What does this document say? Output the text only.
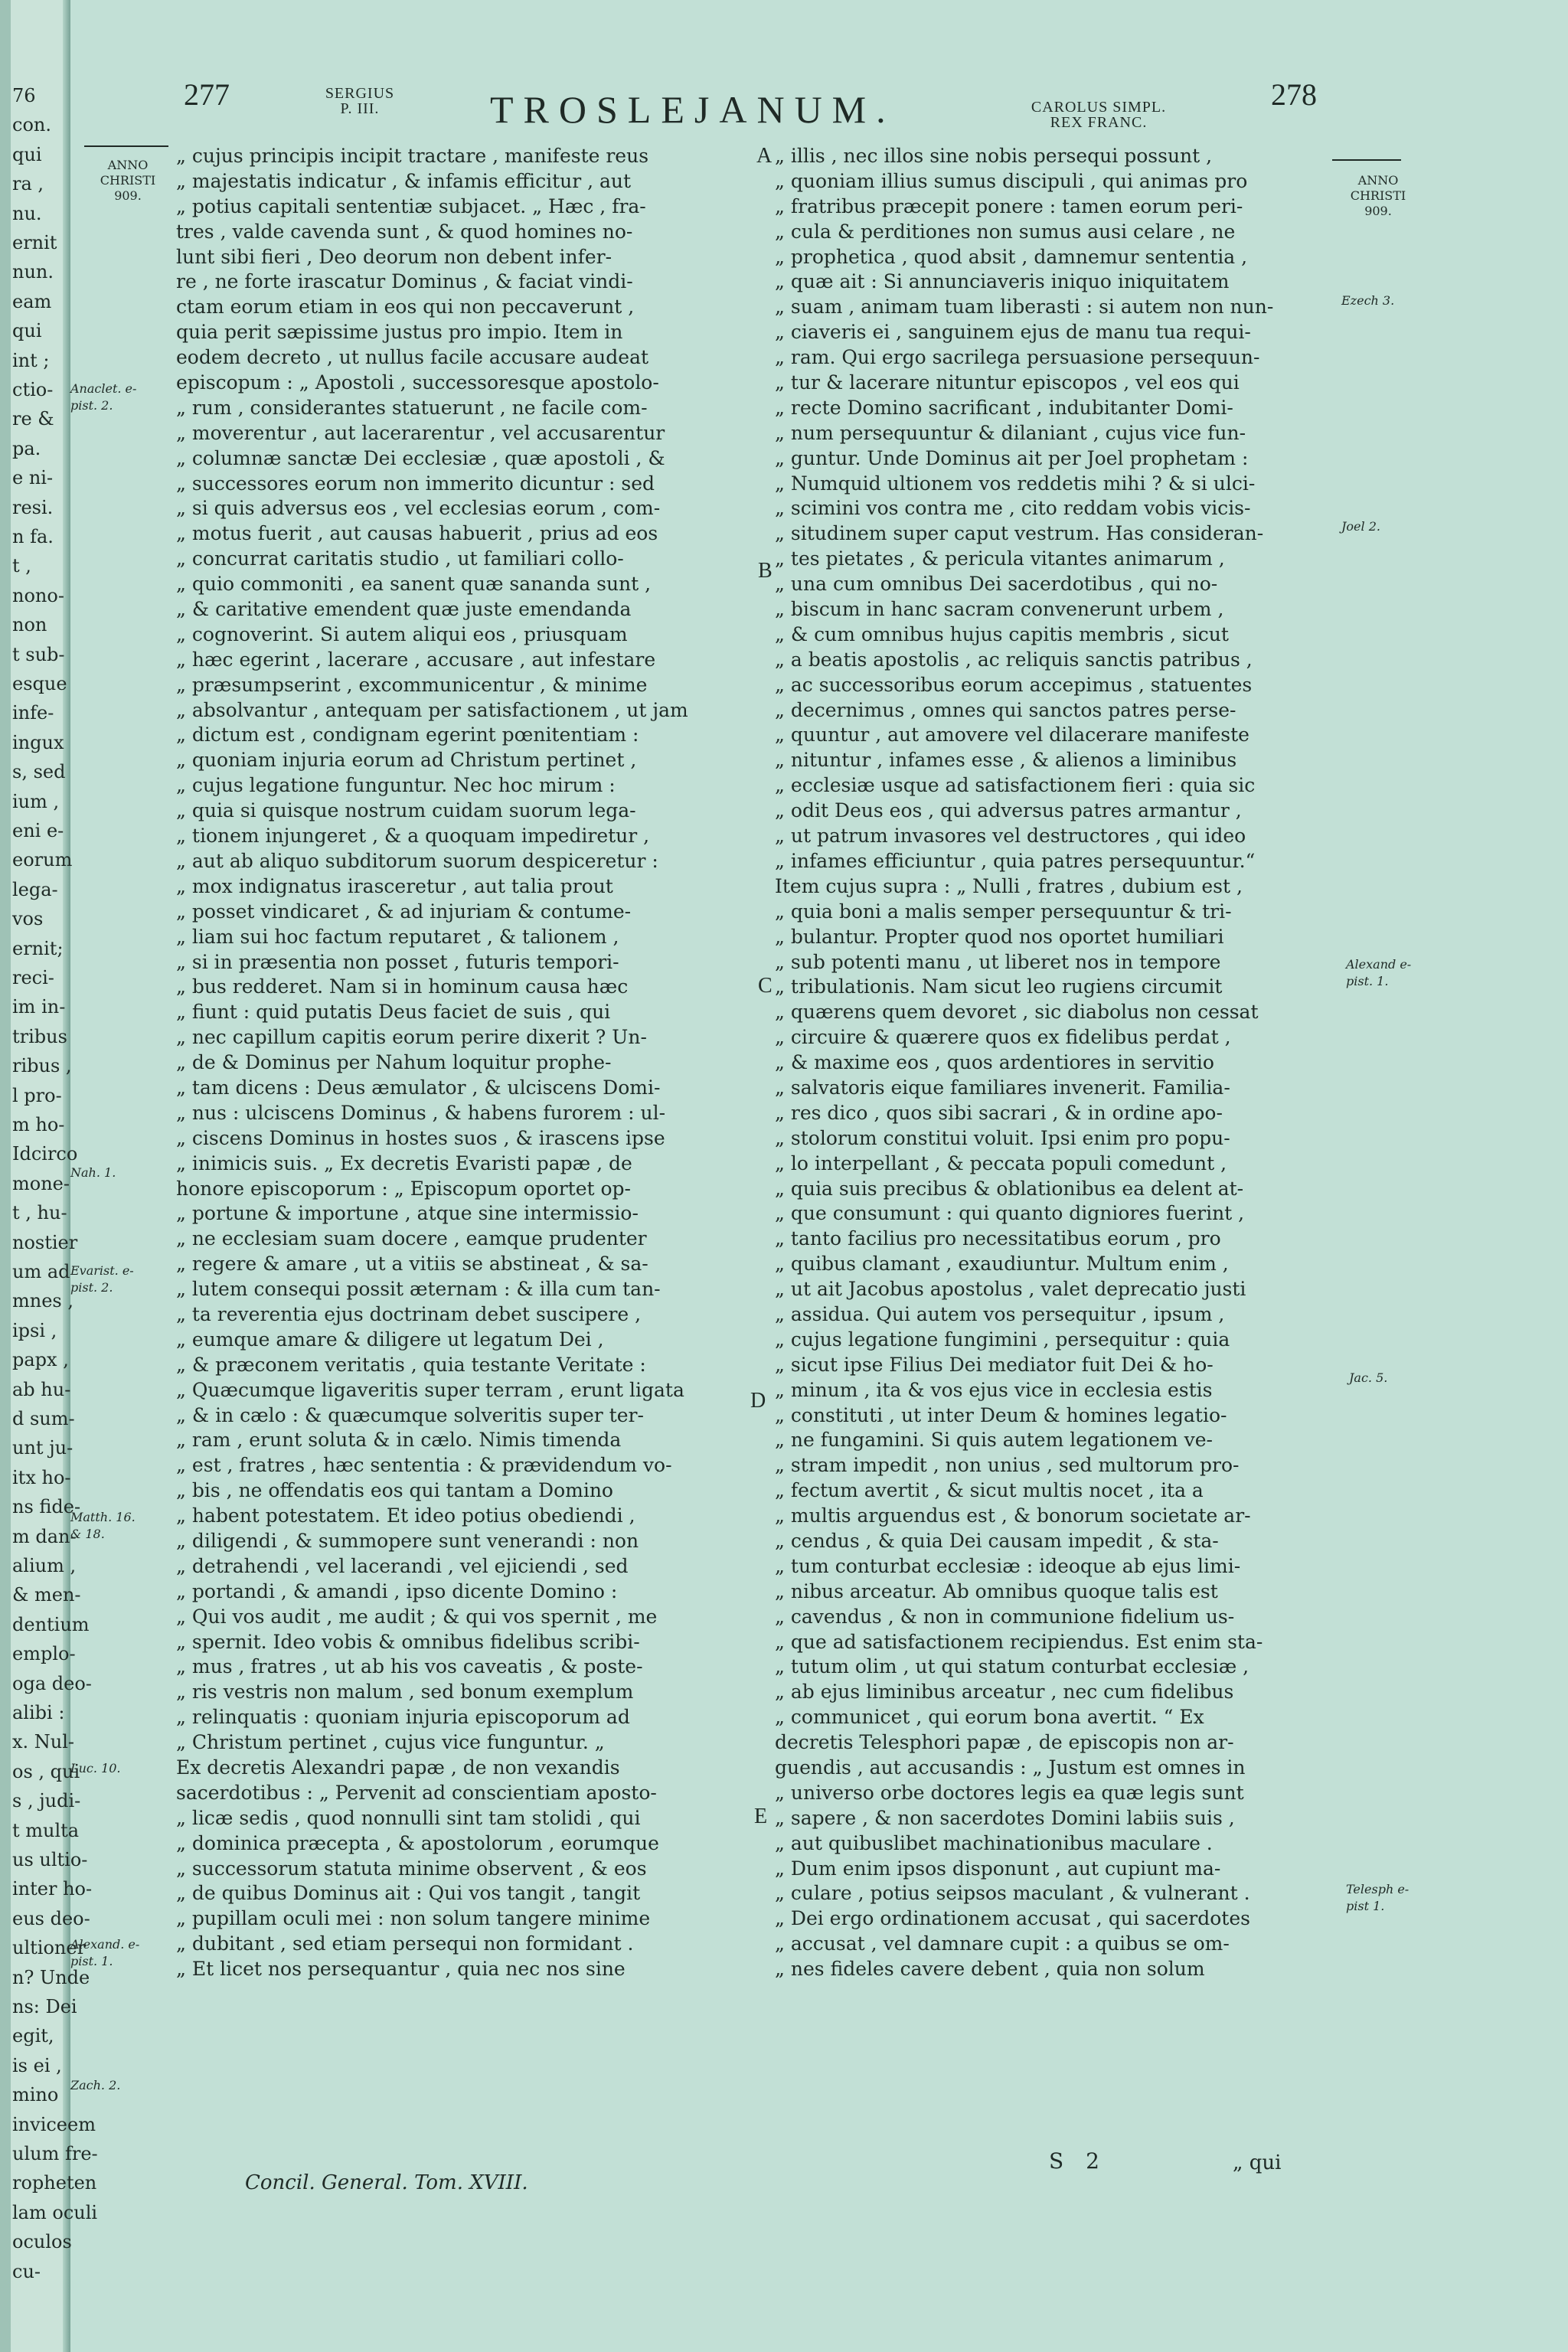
76
con.
qui
ra ,
nu.
ernit
nun.
eam
qui
int ;
ctio-
re &
pa.
e ni-
resi.
n fa.
t ,
nono-
non
t sub-
esque
infe-
ingux
s, sed
ium ,
eni e-
eorum
lega-
vos
ernit;
reci-
im in-
tribus
ribus ,
l pro-
m ho-
Idcirco
mone-
t , hu-
nostier
um ad
mnes ,
ipsi ,
papx ,
ab hu-
d sum-
unt ju-
itx ho-
ns fide-
m dan-
alium ,
& men-
dentium
emplo-
oga deo-
alibi :
x. Nul-
os , qui
s , judi-
t multa
us ultio-
inter ho-
eus deo-
ultioner
n? Unde
ns: Dei
egit,
is ei ,
mino
inviceem
ulum fre-
ropheten
lam oculi
oculos
cu-
277	SERGIUS
P. III.	TROSLEJANUM.	CAROLUS SIMPL.
REX FRANC.
278
ANNO
CHRISTI
909.
Anaclet. e-
pist. 2.
Nah. 1.
Evarist. e-
pist. 2.
Matth. 16.
& 18.
Luc. 10.
Alexand. e-
pist. 1.
Zach. 2.
ANNO
CHRISTI
909.
Ezech 3.
Joel 2.
Alexand e-
pist. 1.
Jac. 5.
Telesph e-
pist 1.
„ cujus principis incipit tractare , manifeste reus
„ majestatis indicatur , & infamis efficitur , aut
„ potius capitali sententiæ subjacet. „ Hæc , fra-
tres , valde cavenda sunt , & quod homines no-
lunt sibi fieri , Deo deorum non debent infer-
re , ne forte irascatur Dominus , & faciat vindi-
ctam eorum etiam in eos qui non peccaverunt ,
quia perit sæpissime justus pro impio. Item in
eodem decreto , ut nullus facile accusare audeat
episcopum : „ Apostoli , successoresque apostolo-
„ rum , considerantes statuerunt , ne facile com-
„ moverentur , aut lacerarentur , vel accusarentur
„ columnæ sanctæ Dei ecclesiæ , quæ apostoli , &
„ successores eorum non immerito dicuntur : sed
„ si quis adversus eos , vel ecclesias eorum , com-
„ motus fuerit , aut causas habuerit , prius ad eos
„ concurrat caritatis studio , ut familiari collo-
„ quio commoniti , ea sanent quæ sananda sunt ,
„ & caritative emendent quæ juste emendanda
„ cognoverint. Si autem aliqui eos , priusquam
„ hæc egerint , lacerare , accusare , aut infestare
„ præsumpserint , excommunicentur , & minime
„ absolvantur , antequam per satisfactionem , ut jam
„ dictum est , condignam egerint pœnitentiam :
„ quoniam injuria eorum ad Christum pertinet ,
„ cujus legatione funguntur. Nec hoc mirum :
„ quia si quisque nostrum cuidam suorum lega-
„ tionem injungeret , & a quoquam impediretur ,
„ aut ab aliquo subditorum suorum despiceretur :
„ mox indignatus irasceretur , aut talia prout
„ posset vindicaret , & ad injuriam & contume-
„ liam sui hoc factum reputaret , & talionem ,
„ si in præsentia non posset , futuris tempori-
„ bus redderet. Nam si in hominum causa hæc
„ fiunt : quid putatis Deus faciet de suis , qui
„ nec capillum capitis eorum perire dixerit ? Un-
„ de & Dominus per Nahum loquitur prophe-
„ tam dicens : Deus æmulator , & ulciscens Domi-
„ nus : ulciscens Dominus , & habens furorem : ul-
„ ciscens Dominus in hostes suos , & irascens ipse
„ inimicis suis. „ Ex decretis Evaristi papæ , de
honore episcoporum : „ Episcopum oportet op-
„ portune & importune , atque sine intermissio-
„ ne ecclesiam suam docere , eamque prudenter
„ regere & amare , ut a vitiis se abstineat , & sa-
„ lutem consequi possit æternam : & illa cum tan-
„ ta reverentia ejus doctrinam debet suscipere ,
„ eumque amare & diligere ut legatum Dei ,
„ & præconem veritatis , quia testante Veritate :
„ Quæcumque ligaveritis super terram , erunt ligata
„ & in cælo : & quæcumque solveritis super ter-
„ ram , erunt soluta & in cælo. Nimis timenda
„ est , fratres , hæc sententia : & prævidendum vo-
„ bis , ne offendatis eos qui tantam a Domino
„ habent potestatem. Et ideo potius obediendi ,
„ diligendi , & summopere sunt venerandi : non
„ detrahendi , vel lacerandi , vel ejiciendi , sed
„ portandi , & amandi , ipso dicente Domino :
„ Qui vos audit , me audit ; & qui vos spernit , me
„ spernit. Ideo vobis & omnibus fidelibus scribi-
„ mus , fratres , ut ab his vos caveatis , & poste-
„ ris vestris non malum , sed bonum exemplum
„ relinquatis : quoniam injuria episcoporum ad
„ Christum pertinet , cujus vice funguntur. „
Ex decretis Alexandri papæ , de non vexandis
sacerdotibus : „ Pervenit ad conscientiam aposto-
„ licæ sedis , quod nonnulli sint tam stolidi , qui
„ dominica præcepta , & apostolorum , eorumque
„ successorum statuta minime observent , & eos
„ de quibus Dominus ait : Qui vos tangit , tangit
„ pupillam oculi mei : non solum tangere minime
„ dubitant , sed etiam persequi non formidant .
„ Et licet nos persequantur , quia nec nos sine
„ illis , nec illos sine nobis persequi possunt ,
„ quoniam illius sumus discipuli , qui animas pro
„ fratribus præcepit ponere : tamen eorum peri-
„ cula & perditiones non sumus ausi celare , ne
„ prophetica , quod absit , damnemur sententia ,
„ quæ ait : Si annunciaveris iniquo iniquitatem
„ suam , animam tuam liberasti : si autem non nun-
„ ciaveris ei , sanguinem ejus de manu tua requi-
„ ram. Qui ergo sacrilega persuasione persequun-
„ tur & lacerare nituntur episcopos , vel eos qui
„ recte Domino sacrificant , indubitanter Domi-
„ num persequuntur & dilaniant , cujus vice fun-
„ guntur. Unde Dominus ait per Joel prophetam :
„ Numquid ultionem vos reddetis mihi ? & si ulci-
„ scimini vos contra me , cito reddam vobis vicis-
„ situdinem super caput vestrum. Has consideran-
„ tes pietates , & pericula vitantes animarum ,
„ una cum omnibus Dei sacerdotibus , qui no-
„ biscum in hanc sacram convenerunt urbem ,
„ & cum omnibus hujus capitis membris , sicut
„ a beatis apostolis , ac reliquis sanctis patribus ,
„ ac successoribus eorum accepimus , statuentes
„ decernimus , omnes qui sanctos patres perse-
„ quuntur , aut amovere vel dilacerare manifeste
„ nituntur , infames esse , & alienos a liminibus
„ ecclesiæ usque ad satisfactionem fieri : quia sic
„ odit Deus eos , qui adversus patres armantur ,
„ ut patrum invasores vel destructores , qui ideo
„ infames efficiuntur , quia patres persequuntur.“
Item cujus supra : „ Nulli , fratres , dubium est ,
„ quia boni a malis semper persequuntur & tri-
„ bulantur. Propter quod nos oportet humiliari
„ sub potenti manu , ut liberet nos in tempore
„ tribulationis. Nam sicut leo rugiens circumit
„ quærens quem devoret , sic diabolus non cessat
„ circuire & quærere quos ex fidelibus perdat ,
„ & maxime eos , quos ardentiores in servitio
„ salvatoris eique familiares invenerit. Familia-
„ res dico , quos sibi sacrari , & in ordine apo-
„ stolorum constitui voluit. Ipsi enim pro popu-
„ lo interpellant , & peccata populi comedunt ,
„ quia suis precibus & oblationibus ea delent at-
„ que consumunt : qui quanto digniores fuerint ,
„ tanto facilius pro necessitatibus eorum , pro
„ quibus clamant , exaudiuntur. Multum enim ,
„ ut ait Jacobus apostolus , valet deprecatio justi
„ assidua. Qui autem vos persequitur , ipsum ,
„ cujus legatione fungimini , persequitur : quia
„ sicut ipse Filius Dei mediator fuit Dei & ho-
„ minum , ita & vos ejus vice in ecclesia estis
„ constituti , ut inter Deum & homines legatio-
„ ne fungamini. Si quis autem legationem ve-
„ stram impedit , non unius , sed multorum pro-
„ fectum avertit , & sicut multis nocet , ita a
„ multis arguendus est , & bonorum societate ar-
„ cendus , & quia Dei causam impedit , & sta-
„ tum conturbat ecclesiæ : ideoque ab ejus limi-
„ nibus arceatur. Ab omnibus quoque talis est
„ cavendus , & non in communione fidelium us-
„ que ad satisfactionem recipiendus. Est enim sta-
„ tutum olim , ut qui statum conturbat ecclesiæ ,
„ ab ejus liminibus arceatur , nec cum fidelibus
„ communicet , qui eorum bona avertit. “ Ex
decretis Telesphori papæ , de episcopis non ar-
guendis , aut accusandis : „ Justum est omnes in
„ universo orbe doctores legis ea quæ legis sunt
„ sapere , & non sacerdotes Domini labiis suis ,
„ aut quibuslibet machinationibus maculare .
„ Dum enim ipsos disponunt , aut cupiunt ma-
„ culare , potius seipsos maculant , & vulnerant .
„ Dei ergo ordinationem accusat , qui sacerdotes
„ accusat , vel damnare cupit : a quibus se om-
„ nes fideles cavere debent , quia non solum
A
B
C
D
E
Concil. General. Tom. XVIII.
S 2	„ qui
